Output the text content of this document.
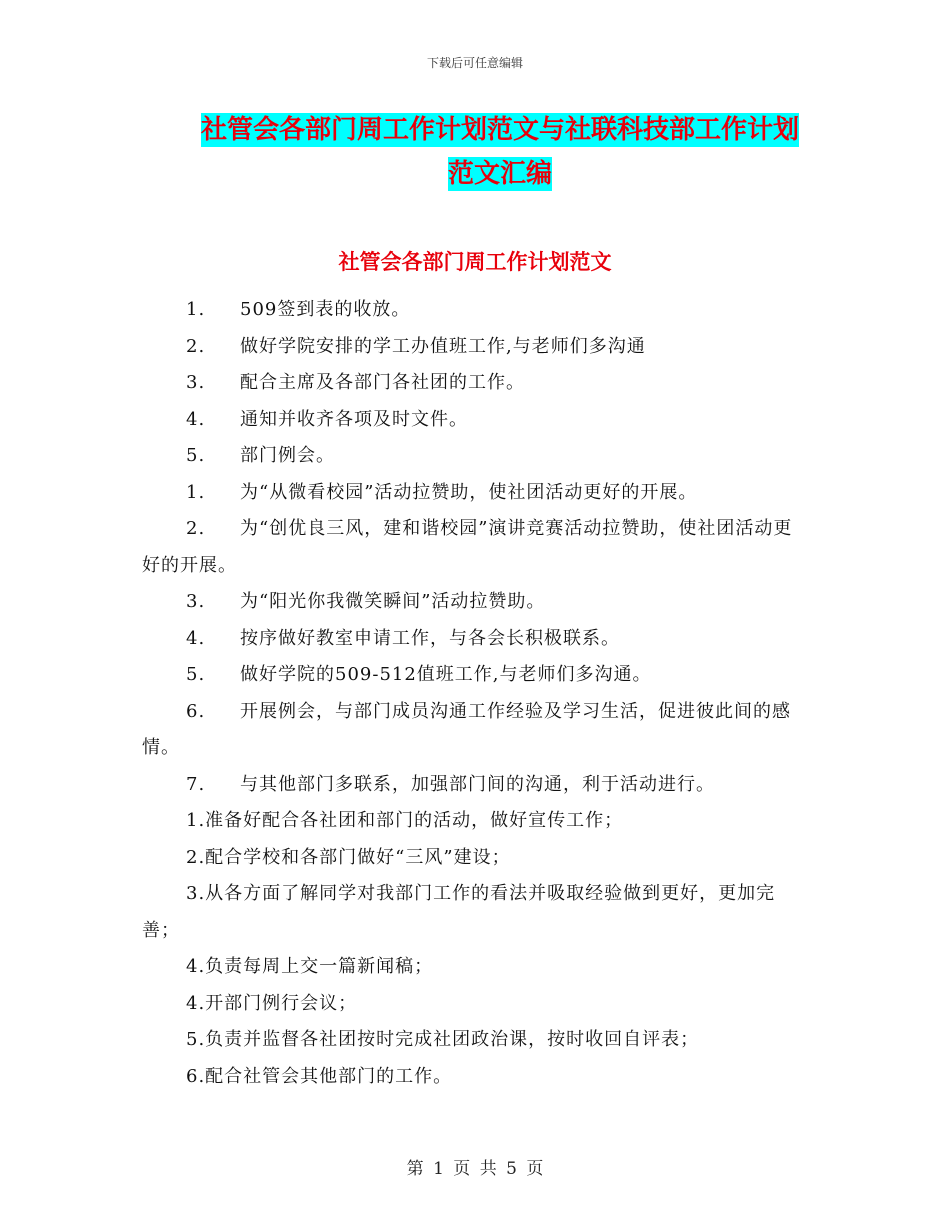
下载后可任意编辑
社管会各部门周工作计划范文与社联科技部工作计划
范文汇编
社管会各部门周工作计划范文

1. 509签到表的收放。

2. 做好学院安排的学工办值班工作,与老师们多沟通

3. 配合主席及各部门各社团的工作。

4. 通知并收齐各项及时文件。

5. 部门例会。

1. 为“从微看校园”活动拉赞助，使社团活动更好的开展。

2. 为“创优良三风，建和谐校园”演讲竞赛活动拉赞助，使社团活动更好的开展。

3. 为“阳光你我微笑瞬间”活动拉赞助。

4. 按序做好教室申请工作，与各会长积极联系。

5. 做好学院的509-512值班工作,与老师们多沟通。

6. 开展例会，与部门成员沟通工作经验及学习生活，促进彼此间的感情。

7. 与其他部门多联系，加强部门间的沟通，利于活动进行。

1.准备好配合各社团和部门的活动，做好宣传工作；

2.配合学校和各部门做好“三风”建设；

3.从各方面了解同学对我部门工作的看法并吸取经验做到更好，更加完善；

4.负责每周上交一篇新闻稿；

4.开部门例行会议；

5.负责并监督各社团按时完成社团政治课，按时收回自评表；

6.配合社管会其他部门的工作。

第 1 页 共 5 页
